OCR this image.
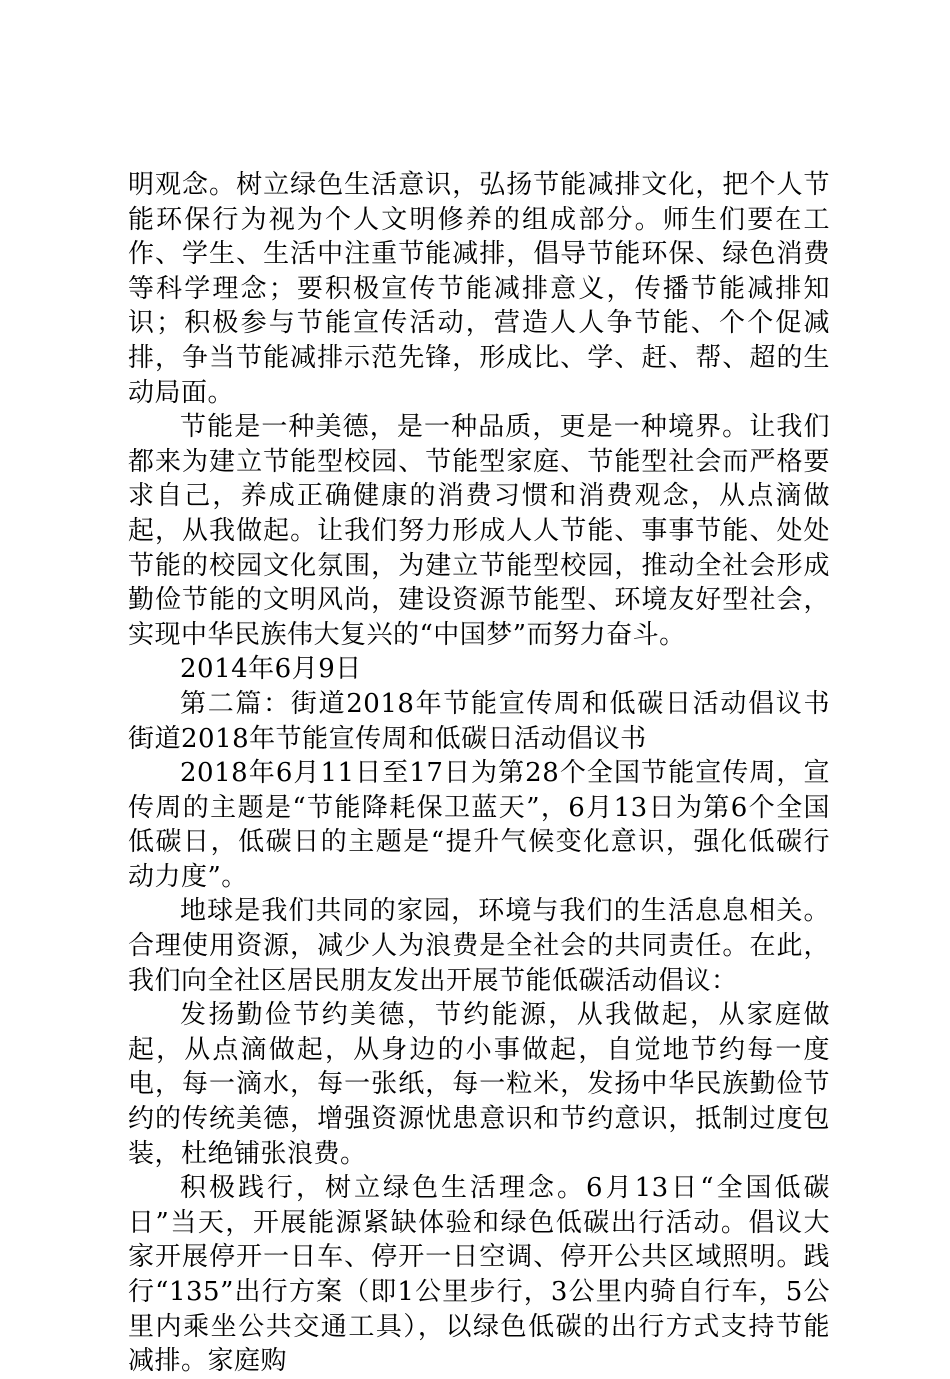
明观念。树立绿色生活意识，弘扬节能减排文化，把个人节能环保行为视为个人文明修养的组成部分。师生们要在工作、学生、生活中注重节能减排，倡导节能环保、绿色消费等科学理念；要积极宣传节能减排意义，传播节能减排知识；积极参与节能宣传活动，营造人人争节能、个个促减排，争当节能减排示范先锋，形成比、学、赶、帮、超的生动局面。

节能是一种美德，是一种品质，更是一种境界。让我们都来为建立节能型校园、节能型家庭、节能型社会而严格要求自己，养成正确健康的消费习惯和消费观念，从点滴做起，从我做起。让我们努力形成人人节能、事事节能、处处节能的校园文化氛围，为建立节能型校园，推动全社会形成勤俭节能的文明风尚，建设资源节能型、环境友好型社会，实现中华民族伟大复兴的“中国梦”而努力奋斗。

2014年6月9日

第二篇：街道2018年节能宣传周和低碳日活动倡议书街道2018年节能宣传周和低碳日活动倡议书

2018年6月11日至17日为第28个全国节能宣传周，宣传周的主题是“节能降耗保卫蓝天”，6月13日为第6个全国低碳日，低碳日的主题是“提升气候变化意识，强化低碳行动力度”。

地球是我们共同的家园，环境与我们的生活息息相关。合理使用资源，减少人为浪费是全社会的共同责任。在此，我们向全社区居民朋友发出开展节能低碳活动倡议：

发扬勤俭节约美德，节约能源，从我做起，从家庭做起，从点滴做起，从身边的小事做起，自觉地节约每一度电，每一滴水，每一张纸，每一粒米，发扬中华民族勤俭节约的传统美德，增强资源忧患意识和节约意识，抵制过度包装，杜绝铺张浪费。

积极践行，树立绿色生活理念。6月13日“全国低碳日”当天，开展能源紧缺体验和绿色低碳出行活动。倡议大家开展停开一日车、停开一日空调、停开公共区域照明。践行“135”出行方案（即1公里步行，3公里内骑自行车，5公里内乘坐公共交通工具），以绿色低碳的出行方式支持节能减排。家庭购
